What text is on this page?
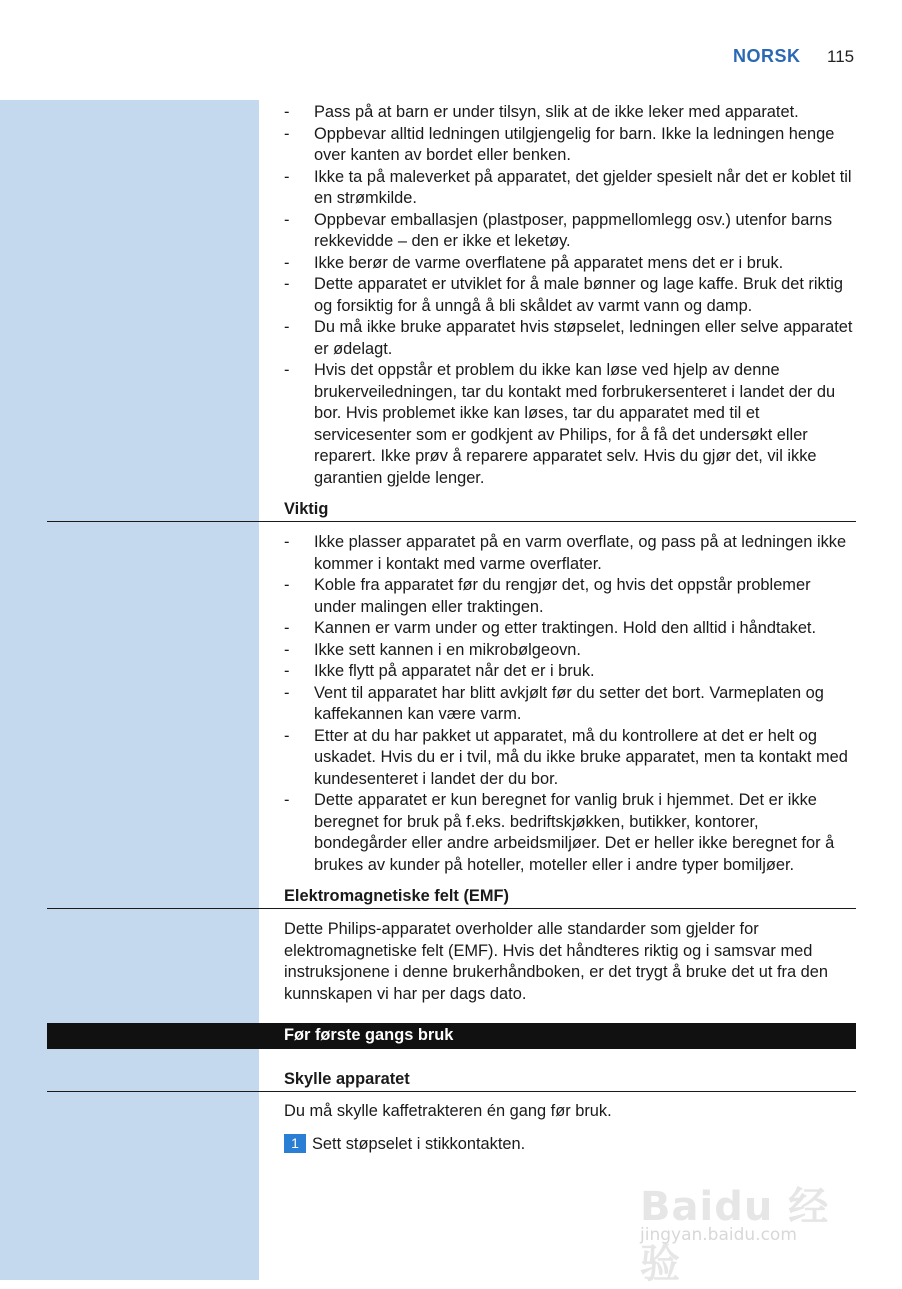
NORSK 115
- Pass på at barn er under tilsyn, slik at de ikke leker med apparatet.
- Oppbevar alltid ledningen utilgjengelig for barn. Ikke la ledningen henge over kanten av bordet eller benken.
- Ikke ta på maleverket på apparatet, det gjelder spesielt når det er koblet til en strømkilde.
- Oppbevar emballasjen (plastposer, pappmellomlegg osv.) utenfor barns rekkevidde – den er ikke et leketøy.
- Ikke berør de varme overflatene på apparatet mens det er i bruk.
- Dette apparatet er utviklet for å male bønner og lage kaffe. Bruk det riktig og forsiktig for å unngå å bli skåldet av varmt vann og damp.
- Du må ikke bruke apparatet hvis støpselet, ledningen eller selve apparatet er ødelagt.
- Hvis det oppstår et problem du ikke kan løse ved hjelp av denne brukerveiledningen, tar du kontakt med forbrukersenteret i landet der du bor. Hvis problemet ikke kan løses, tar du apparatet med til et servicesenter som er godkjent av Philips, for å få det undersøkt eller reparert. Ikke prøv å reparere apparatet selv. Hvis du gjør det, vil ikke garantien gjelde lenger.
Viktig
- Ikke plasser apparatet på en varm overflate, og pass på at ledningen ikke kommer i kontakt med varme overflater.
- Koble fra apparatet før du rengjør det, og hvis det oppstår problemer under malingen eller traktingen.
- Kannen er varm under og etter traktingen. Hold den alltid i håndtaket.
- Ikke sett kannen i en mikrobølgeovn.
- Ikke flytt på apparatet når det er i bruk.
- Vent til apparatet har blitt avkjølt før du setter det bort. Varmeplaten og kaffekannen kan være varm.
- Etter at du har pakket ut apparatet, må du kontrollere at det er helt og uskadet. Hvis du er i tvil, må du ikke bruke apparatet, men ta kontakt med kundesenteret i landet der du bor.
- Dette apparatet er kun beregnet for vanlig bruk i hjemmet. Det er ikke beregnet for bruk på f.eks. bedriftskjøkken, butikker, kontorer, bondegårder eller andre arbeidsmiljøer. Det er heller ikke beregnet for å brukes av kunder på hoteller, moteller eller i andre typer bomiljøer.
Elektromagnetiske felt (EMF)
Dette Philips-apparatet overholder alle standarder som gjelder for elektromagnetiske felt (EMF). Hvis det håndteres riktig og i samsvar med instruksjonene i denne brukerhåndboken, er det trygt å bruke det ut fra den kunnskapen vi har per dags dato.
Før første gangs bruk
Skylle apparatet
Du må skylle kaffetrakteren én gang før bruk.
1 Sett støpselet i stikkontakten.
Baidu 经验
jingyan.baidu.com
